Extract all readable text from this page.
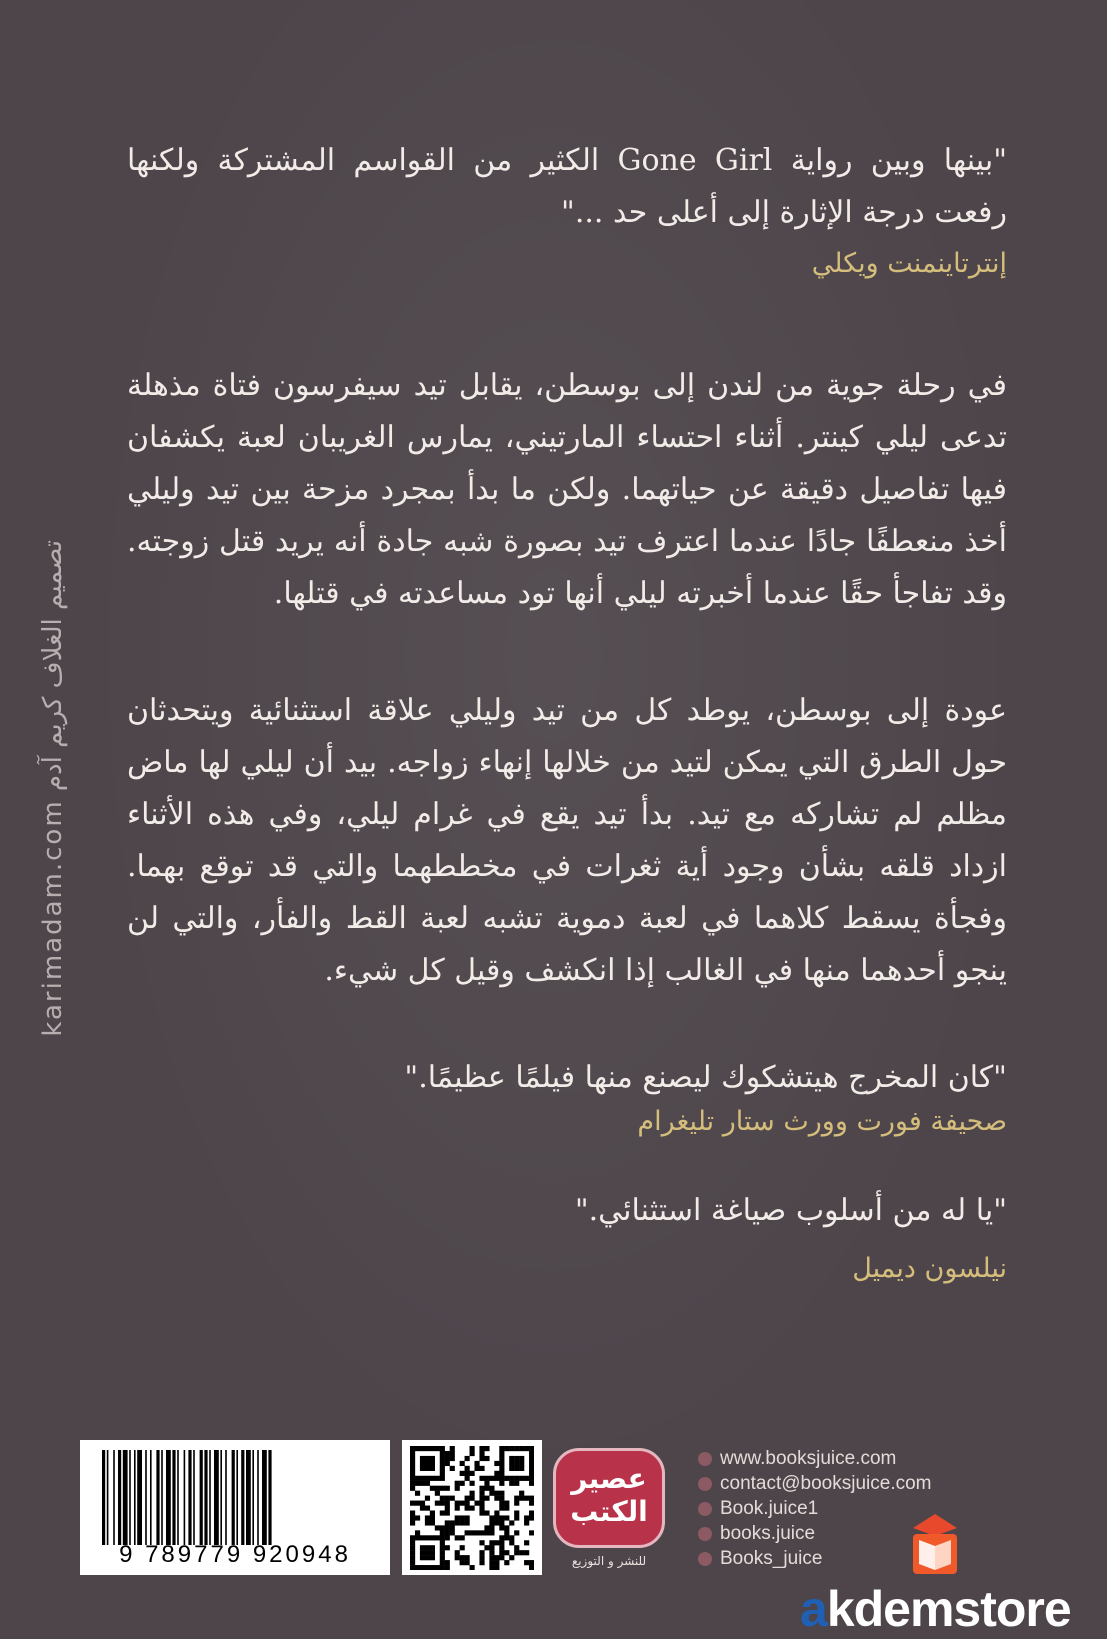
تصميم الغلاف كريم آدم karimadam.com
"بينها وبين رواية Gone Girl الكثير من القواسم المشتركة ولكنها رفعت درجة الإثارة إلى أعلى حد ..."
إنترتاينمنت ويكلي
في رحلة جوية من لندن إلى بوسطن، يقابل تيد سيفرسون فتاة مذهلة تدعى ليلي كينتر. أثناء احتساء المارتيني، يمارس الغريبان لعبة يكشفان فيها تفاصيل دقيقة عن حياتهما. ولكن ما بدأ بمجرد مزحة بين تيد وليلي أخذ منعطفًا جادًا عندما اعترف تيد بصورة شبه جادة أنه يريد قتل زوجته. وقد تفاجأ حقًا عندما أخبرته ليلي أنها تود مساعدته في قتلها.
عودة إلى بوسطن، يوطد كل من تيد وليلي علاقة استثنائية ويتحدثان حول الطرق التي يمكن لتيد من خلالها إنهاء زواجه. بيد أن ليلي لها ماض مظلم لم تشاركه مع تيد. بدأ تيد يقع في غرام ليلي، وفي هذه الأثناء ازداد قلقه بشأن وجود أية ثغرات في مخططهما والتي قد توقع بهما. وفجأة يسقط كلاهما في لعبة دموية تشبه لعبة القط والفأر، والتي لن ينجو أحدهما منها في الغالب إذا انكشف وقيل كل شيء.
"كان المخرج هيتشكوك ليصنع منها فيلمًا عظيمًا."
صحيفة فورت وورث ستار تليغرام
"يا له من أسلوب صياغة استثنائي."
نيلسون ديميل
9 789779 920948
عصير
الكتب
للنشر و التوزيع
www.booksjuice.com
contact@booksjuice.com
Book.juice1
books.juice
Books_juice
akdemstore
